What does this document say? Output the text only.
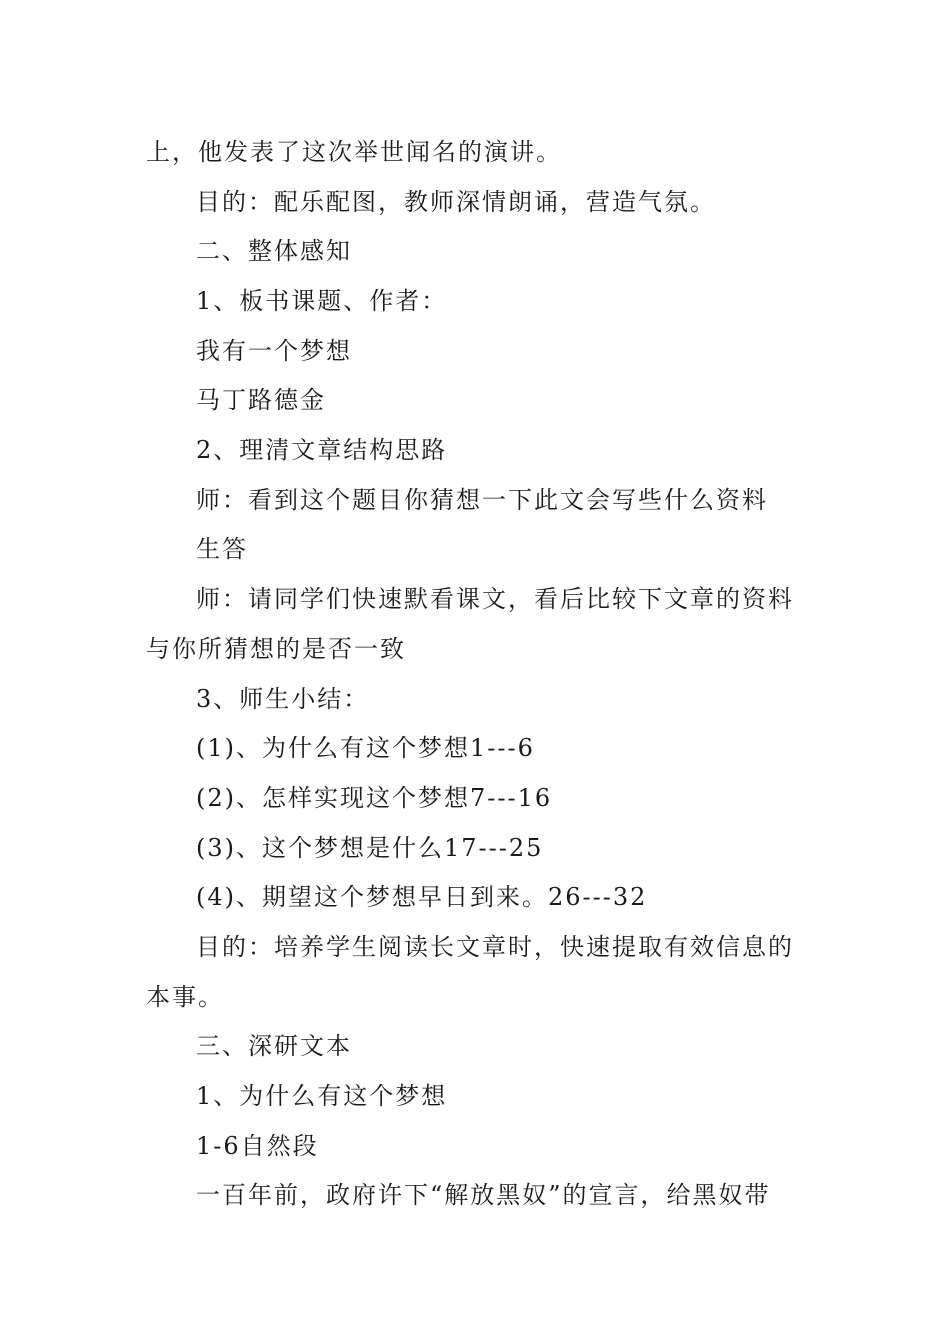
上，他发表了这次举世闻名的演讲。
目的：配乐配图，教师深情朗诵，营造气氛。
二、整体感知
1、板书课题、作者：
我有一个梦想
马丁路德金
2、理清文章结构思路
师：看到这个题目你猜想一下此文会写些什么资料
生答
师：请同学们快速默看课文，看后比较下文章的资料
与你所猜想的是否一致
3、师生小结：
(1)、为什么有这个梦想1---6
(2)、怎样实现这个梦想7---16
(3)、这个梦想是什么17---25
(4)、期望这个梦想早日到来。26---32
目的：培养学生阅读长文章时，快速提取有效信息的
本事。
三、深研文本
1、为什么有这个梦想
1-6自然段
一百年前，政府许下“解放黑奴”的宣言，给黑奴带
